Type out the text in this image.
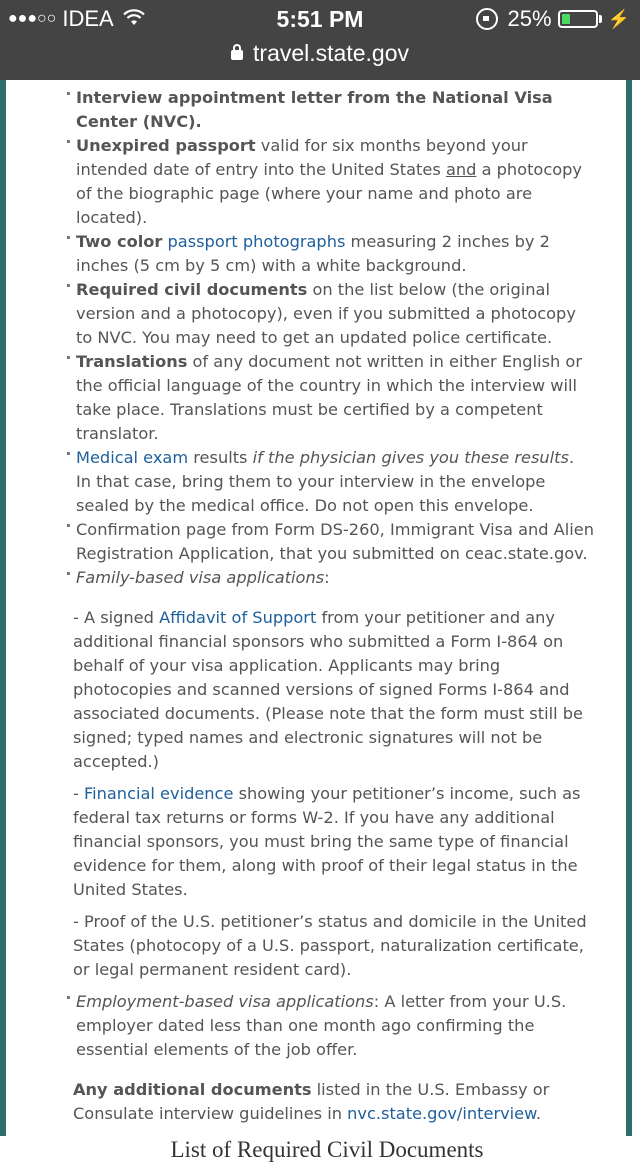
●●●○○ IDEA	5:51 PM	25%	⚡
travel.state.gov
Interview appointment letter from the National Visa Center (NVC).
Unexpired passport valid for six months beyond your intended date of entry into the United States and a photocopy of the biographic page (where your name and photo are located).
Two color passport photographs measuring 2 inches by 2 inches (5 cm by 5 cm) with a white background.
Required civil documents on the list below (the original version and a photocopy), even if you submitted a photocopy to NVC. You may need to get an updated police certificate.
Translations of any document not written in either English or the official language of the country in which the interview will take place. Translations must be certified by a competent translator.
Medical exam results if the physician gives you these results. In that case, bring them to your interview in the envelope sealed by the medical office. Do not open this envelope.
Confirmation page from Form DS-260, Immigrant Visa and Alien Registration Application, that you submitted on ceac.state.gov.
Family-based visa applications:

- A signed Affidavit of Support from your petitioner and any additional financial sponsors who submitted a Form I-864 on behalf of your visa application. Applicants may bring photocopies and scanned versions of signed Forms I-864 and associated documents. (Please note that the form must still be signed; typed names and electronic signatures will not be accepted.)

- Financial evidence showing your petitioner’s income, such as federal tax returns or forms W-2. If you have any additional financial sponsors, you must bring the same type of financial evidence for them, along with proof of their legal status in the United States.

- Proof of the U.S. petitioner’s status and domicile in the United States (photocopy of a U.S. passport, naturalization certificate, or legal permanent resident card).

Employment-based visa applications: A letter from your U.S. employer dated less than one month ago confirming the essential elements of the job offer.
Any additional documents listed in the U.S. Embassy or Consulate interview guidelines in nvc.state.gov/interview.
List of Required Civil Documents
